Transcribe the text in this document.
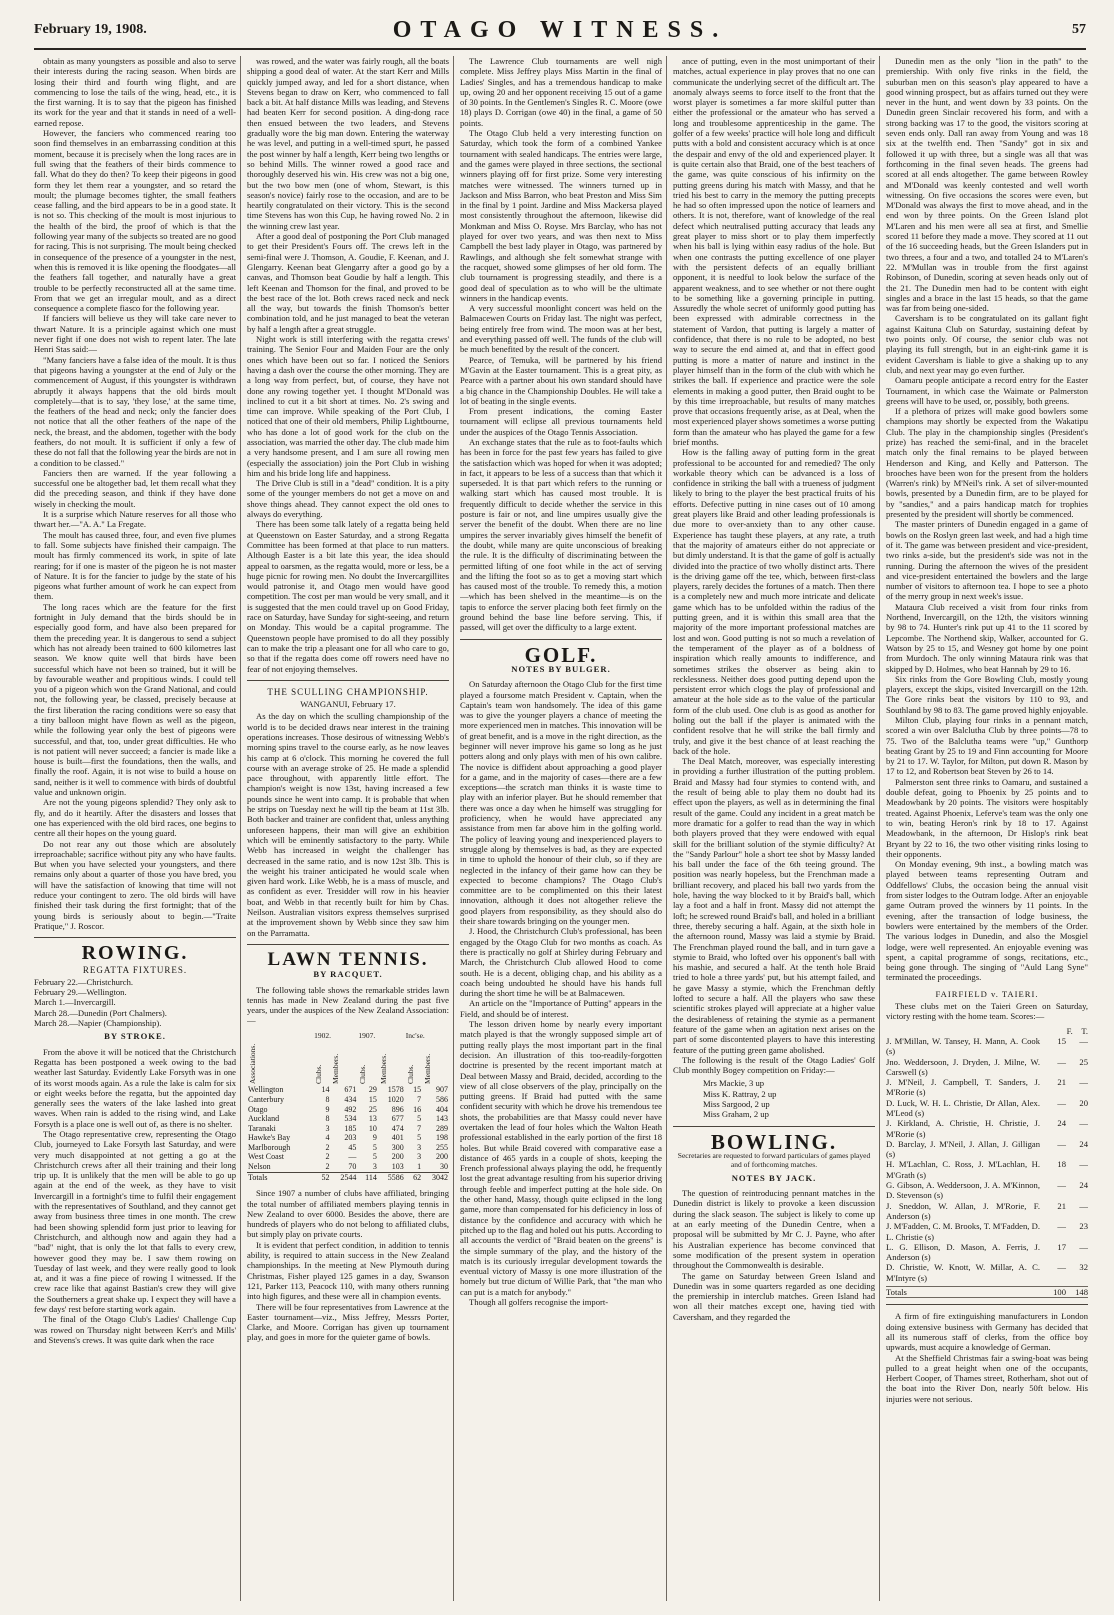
February 19, 1908.	OTAGO WITNESS.	57

obtain as many youngsters as possible and also to serve their interests during the racing season. When birds are losing their third and fourth wing flight, and are commencing to lose the tails of the wing, head, etc., it is the first warning. It is to say that the pigeon has finished its work for the year and that it stands in need of a well-earned repose.

However, the fanciers who commenced rearing too soon find themselves in an embarrassing condition at this moment, because it is precisely when the long races are in full swing that the feathers of their birds commence to fall. What do they do then? To keep their pigeons in good form they let them rear a youngster, and so retard the moult; the plumage becomes tighter, the small feathers cease falling, and the bird appears to be in a good state. It is not so. This checking of the moult is most injurious to the health of the bird, the proof of which is that the following year many of the subjects so treated are no good for racing. This is not surprising. The moult being checked in consequence of the presence of a youngster in the nest, when this is removed it is like opening the floodgates—all the feathers fall together, and naturally have a great trouble to be perfectly reconstructed all at the same time. From that we get an irregular moult, and as a direct consequence a complete fiasco for the following year.

If fanciers will believe us they will take care never to thwart Nature. It is a principle against which one must never fight if one does not wish to repent later. The late Henri Stas said:—

"Many fanciers have a false idea of the moult. It is thus that pigeons having a youngster at the end of July or the commencement of August, if this youngster is withdrawn abruptly it always happens that the old birds moult completely—that is to say, 'they lose,' at the same time, the feathers of the head and neck; only the fancier does not notice that all the other feathers of the nape of the neck, the breast, and the abdomen, together with the body feathers, do not moult. It is sufficient if only a few of these do not fall that the following year the birds are not in a condition to be classed."

Fanciers then are warned. If the year following a successful one be altogether bad, let them recall what they did the preceding season, and think if they have done wisely in checking the moult.

It is a surprise which Nature reserves for all those who thwart her.—"A. A." La Fregate.

The moult has caused three, four, and even five plumes to fall. Some subjects have finished their campaign. The moult has firmly commenced its work, in spite of late rearing; for if one is master of the pigeon he is not master of Nature. It is for the fancier to judge by the state of his pigeons what further amount of work he can expect from them.

The long races which are the feature for the first fortnight in July demand that the birds should be in especially good form, and have also been prepared for them the preceding year. It is dangerous to send a subject which has not already been trained to 600 kilometres last season. We know quite well that birds have been successful which have not been so trained, but it will be by favourable weather and propitious winds. I could tell you of a pigeon which won the Grand National, and could not, the following year, be classed, precisely because at the first liberation the racing conditions were so easy that a tiny balloon might have flown as well as the pigeon, while the following year only the best of pigeons were successful, and that, too, under great difficulties. He who is not patient will never succeed; a fancier is made like a house is built—first the foundations, then the walls, and finally the roof. Again, it is not wise to build a house on sand, neither is it well to commence with birds of doubtful value and unknown origin.

Are not the young pigeons splendid? They only ask to fly, and do it heartily. After the disasters and losses that one has experienced with the old bird races, one begins to centre all their hopes on the young guard.

Do not rear any out those which are absolutely irreproachable; sacrifice without pity any who have faults. But when you have selected your youngsters, and there remains only about a quarter of those you have bred, you will have the satisfaction of knowing that time will not reduce your contingent to zero. The old birds will have finished their task during the first fortnight; that of the young birds is seriously about to begin.—"Traite Pratique," J. Roscor.

ROWING.
REGATTA FIXTURES.
February 22.—Christchurch.
February 29.—Wellington.
March 1.—Invercargill.
March 28.—Dunedin (Port Chalmers).
March 28.—Napier (Championship).
BY STROKE.

From the above it will be noticed that the Christchurch Regatta has been postponed a week owing to the bad weather last Saturday. Evidently Lake Forsyth was in one of its worst moods again. As a rule the lake is calm for six or eight weeks before the regatta, but the appointed day generally sees the waters of the lake lashed into great waves. When rain is added to the rising wind, and Lake Forsyth is a place one is well out of, as there is no shelter.

The Otago representative crew, representing the Otago Club, journeyed to Lake Forsyth last Saturday, and were very much disappointed at not getting a go at the Christchurch crews after all their training and their long trip up. It is unlikely that the men will be able to go up again at the end of the week, as they have to visit Invercargill in a fortnight's time to fulfil their engagement with the representatives of Southland, and they cannot get away from business three times in one month. The crew had been showing splendid form just prior to leaving for Christchurch, and although now and again they had a "bad" night, that is only the lot that falls to every crew, however good they may be. I saw them rowing on Tuesday of last week, and they were really good to look at, and it was a fine piece of rowing I witnessed. If the crew race like that against Bastian's crew they will give the Southerners a great shake up. I expect they will have a few days' rest before starting work again.

The final of the Otago Club's Ladies' Challenge Cup was rowed on Thursday night between Kerr's and Mills' and Stevens's crews. It was quite dark when the race

was rowed, and the water was fairly rough, all the boats shipping a good deal of water. At the start Kerr and Mills quickly jumped away, and led for a short distance, when Stevens began to draw on Kerr, who commenced to fall back a bit. At half distance Mills was leading, and Stevens had beaten Kerr for second position. A ding-dong race then ensued between the two leaders, and Stevens gradually wore the big man down. Entering the waterway he was level, and putting in a well-timed spurt, he passed the post winner by half a length, Kerr being two lengths or so behind Mills. The winner rowed a good race and thoroughly deserved his win. His crew was not a big one, but the two bow men (one of whom, Stewart, is this season's novice) fairly rose to the occasion, and are to be heartily congratulated on their victory. This is the second time Stevens has won this Cup, he having rowed No. 2 in the winning crew last year.

After a good deal of postponing the Port Club managed to get their President's Fours off. The crews left in the semi-final were J. Thomson, A. Goudie, F. Keenan, and J. Glengarry. Keenan beat Glengarry after a good go by a canvas, and Thomson beat Goudie by half a length. This left Keenan and Thomson for the final, and proved to be the best race of the lot. Both crews raced neck and neck all the way, but towards the finish Thomson's better combination told, and he just managed to beat the veteran by half a length after a great struggle.

Night work is still interfering with the regatta crews' training. The Senior Four and Maiden Four are the only ones which have been out so far. I noticed the Seniors having a dash over the course the other morning. They are a long way from perfect, but, of course, they have not done any rowing together yet. I thought M'Donald was inclined to cut it a bit short at times. No. 2's swing and time can improve. While speaking of the Port Club, I noticed that one of their old members, Philip Lightbourne, who has done a lot of good work for the club on the association, was married the other day. The club made him a very handsome present, and I am sure all rowing men (especially the association) join the Port Club in wishing him and his bride long life and happiness.

The Drive Club is still in a "dead" condition. It is a pity some of the younger members do not get a move on and shove things ahead. They cannot expect the old ones to always do everything.

There has been some talk lately of a regatta being held at Queenstown on Easter Saturday, and a strong Regatta Committee has been formed at that place to run matters. Although Easter is a bit late this year, the idea should appeal to oarsmen, as the regatta would, more or less, be a huge picnic for rowing men. No doubt the Invercargillites would patronise it, and Otago men would have good competition. The cost per man would be very small, and it is suggested that the men could travel up on Good Friday, race on Saturday, have Sunday for sight-seeing, and return on Monday. This would be a capital programme. The Queenstown people have promised to do all they possibly can to make the trip a pleasant one for all who care to go, so that if the regatta does come off rowers need have no fear of not enjoying themselves.

THE SCULLING CHAMPIONSHIP.
WANGANUI, February 17.

As the day on which the sculling championship of the world is to be decided draws near interest in the training operations increases. Those desirous of witnessing Webb's morning spins travel to the course early, as he now leaves his camp at 6 o'clock. This morning he covered the full course with an average stroke of 25. He made a splendid pace throughout, with apparently little effort. The champion's weight is now 13st, having increased a few pounds since he went into camp. It is probable that when he strips on Tuesday next he will tip the beam at 11st 3lb. Both backer and trainer are confident that, unless anything unforeseen happens, their man will give an exhibition which will be eminently satisfactory to the party. While Webb has increased in weight the challenger has decreased in the same ratio, and is now 12st 3lb. This is the weight his trainer anticipated he would scale when given hard work. Like Webb, he is a mass of muscle, and as confident as ever. Tresidder will row in his heavier boat, and Webb in that recently built for him by Chas. Neilson. Australian visitors express themselves surprised at the improvement shown by Webb since they saw him on the Parramatta.

LAWN TENNIS.
BY RACQUET.

The following table shows the remarkable strides lawn tennis has made in New Zealand during the past five years, under the auspices of the New Zealand Association:—

	1902.		1907.		Inc'se.	

Associations.	Clubs.	Members.	Clubs.	Members.	Clubs.	Members.

Wellington	14	671	29	1578	15	907
Canterbury	8	434	15	1020	7	586
Otago	9	492	25	896	16	404
Auckland	8	534	13	677	5	143
Taranaki	3	185	10	474	7	289
Hawke's Bay	4	203	9	401	5	198
Marlborough	2	45	5	300	3	255
West Coast	2	—	5	200	3	200
Nelson	2	70	3	103	1	30
Totals	52	2544	114	5586	62	3042

Since 1907 a number of clubs have affiliated, bringing the total number of affiliated members playing tennis in New Zealand to over 6000. Besides the above, there are hundreds of players who do not belong to affiliated clubs, but simply play on private courts.

It is evident that perfect condition, in addition to tennis ability, is required to attain success in the New Zealand championships. In the meeting at New Plymouth during Christmas, Fisher played 125 games in a day, Swanson 121, Parker 113, Peacock 110, with many others running into high figures, and these were all in champion events.

There will be four representatives from Lawrence at the Easter tournament—viz., Miss Jeffrey, Messrs Porter, Clarke, and Moore. Corrigan has given up tournament play, and goes in more for the quieter game of bowls.

The Lawrence Club tournaments are well nigh complete. Miss Jeffrey plays Miss Martin in the final of Ladies' Singles, and has a tremendous handicap to make up, owing 20 and her opponent receiving 15 out of a game of 30 points. In the Gentlemen's Singles R. C. Moore (owe 18) plays D. Corrigan (owe 40) in the final, a game of 50 points.

The Otago Club held a very interesting function on Saturday, which took the form of a combined Yankee tournament with sealed handicaps. The entries were large, and the games were played in three sections, the sectional winners playing off for first prize. Some very interesting matches were witnessed. The winners turned up in Jackson and Miss Barron, who beat Preston and Miss Sim in the final by 1 point. Jardine and Miss Mackersa played most consistently throughout the afternoon, likewise did Monkman and Miss O. Royse. Mrs Barclay, who has not played for over two years, and was then next to Miss Campbell the best lady player in Otago, was partnered by Rawlings, and although she felt somewhat strange with the racquet, showed some glimpses of her old form. The club tournament is progressing steadily, and there is a good deal of speculation as to who will be the ultimate winners in the handicap events.

A very successful moonlight concert was held on the Balmacewen Courts on Friday last. The night was perfect, being entirely free from wind. The moon was at her best, and everything passed off well. The funds of the club will be much benefited by the result of the concert.

Pearce, of Temuka, will be partnered by his friend M'Gavin at the Easter tournament. This is a great pity, as Pearce with a partner about his own standard should have a big chance in the Championship Doubles. He will take a lot of beating in the single events.

From present indications, the coming Easter tournament will eclipse all previous tournaments held under the auspices of the Otago Tennis Association.

An exchange states that the rule as to foot-faults which has been in force for the past few years has failed to give the satisfaction which was hoped for when it was adopted; in fact, it appears to be less of a success than that which it superseded. It is that part which refers to the running or walking start which has caused most trouble. It is frequently difficult to decide whether the service in this posture is fair or not, and line umpires usually give the server the benefit of the doubt. When there are no line umpires the server invariably gives himself the benefit of the doubt, while many are quite unconscious of breaking the rule. It is the difficulty of discriminating between the permitted lifting of one foot while in the act of serving and the lifting the foot so as to get a moving start which has caused most of the trouble. To remedy this, a motion—which has been shelved in the meantime—is on the tapis to enforce the server placing both feet firmly on the ground behind the base line before serving. This, if passed, will get over the difficulty to a large extent.

GOLF.
NOTES BY BULGER.

On Saturday afternoon the Otago Club for the first time played a foursome match President v. Captain, when the Captain's team won handsomely. The idea of this game was to give the younger players a chance of meeting the more experienced men in matches. This innovation will be of great benefit, and is a move in the right direction, as the beginner will never improve his game so long as he just potters along and only plays with men of his own calibre. The novice is diffident about approaching a good player for a game, and in the majority of cases—there are a few exceptions—the scratch man thinks it is waste time to play with an inferior player. But he should remember that there was once a day when he himself was struggling for proficiency, when he would have appreciated any assistance from men far above him in the golfing world. The policy of leaving young and inexperienced players to struggle along by themselves is bad, as they are expected in time to uphold the honour of their club, so if they are neglected in the infancy of their game how can they be expected to become champions? The Otago Club's committee are to be complimented on this their latest innovation, although it does not altogether relieve the good players from responsibility, as they should also do their share towards bringing on the younger men.

J. Hood, the Christchurch Club's professional, has been engaged by the Otago Club for two months as coach. As there is practically no golf at Shirley during February and March, the Christchurch Club allowed Hood to come south. He is a decent, obliging chap, and his ability as a coach being undoubted he should have his hands full during the short time he will be at Balmacewen.

An article on the "Importance of Putting" appears in the Field, and should be of interest.

The lesson driven home by nearly every important match played is that the wrongly supposed simple art of putting really plays the most important part in the final decision. An illustration of this too-readily-forgotten doctrine is presented by the recent important match at Deal between Massy and Braid, decided, according to the view of all close observers of the play, principally on the putting greens. If Braid had putted with the same confident security with which he drove his tremendous tee shots, the probabilities are that Massy could never have overtaken the lead of four holes which the Walton Heath professional established in the early portion of the first 18 holes. But while Braid covered with comparative ease a distance of 465 yards in a couple of shots, keeping the French professional always playing the odd, he frequently lost the great advantage resulting from his superior driving through feeble and imperfect putting at the hole side. On the other hand, Massy, though quite eclipsed in the long game, more than compensated for his deficiency in loss of distance by the confidence and accuracy with which he pitched up to the flag and holed out his putts. According to all accounts the verdict of "Braid beaten on the greens" is the simple summary of the play, and the history of the match is its curiously irregular development towards the eventual victory of Massy is one more illustration of the homely but true dictum of Willie Park, that "the man who can put is a match for anybody."

Though all golfers recognise the import-

ance of putting, even in the most unimportant of their matches, actual experience in play proves that no one can communicate the underlying secret of the difficult art. The anomaly always seems to force itself to the front that the worst player is sometimes a far more skilful putter than either the professional or the amateur who has served a long and troublesome apprenticeship in the game. The golfer of a few weeks' practice will hole long and difficult putts with a bold and consistent accuracy which is at once the despair and envy of the old and experienced player. It is quite certain also that Braid, one of the best teachers of the game, was quite conscious of his infirmity on the putting greens during his match with Massy, and that he tried his best to carry in the memory the putting precepts he had so often impressed upon the notice of learners and others. It is not, therefore, want of knowledge of the real defect which neutralised putting accuracy that leads any great player to miss short or to play them imperfectly when his ball is lying within easy radius of the hole. But when one contrasts the putting excellence of one player with the persistent defects of an equally brilliant opponent, it is needful to look below the surface of the apparent weakness, and to see whether or not there ought to be something like a governing principle in putting. Assuredly the whole secret of uniformly good putting has been expressed with admirable correctness in the statement of Vardon, that putting is largely a matter of confidence, that there is no rule to be adopted, no best way to secure the end aimed at, and that in effect good putting is more a matter of nature and instinct in the player himself than in the form of the club with which he strikes the ball. If experience and practice were the sole elements in making a good putter, then Braid ought to be by this time irreproachable, but results of many matches prove that occasions frequently arise, as at Deal, when the most experienced player shows sometimes a worse putting form than the amateur who has played the game for a few brief months.

How is the falling away of putting form in the great professional to be accounted for and remedied? The only workable theory which can be advanced is a loss of confidence in striking the ball with a trueness of judgment likely to bring to the player the best practical fruits of his efforts. Defective putting in nine cases out of 10 among great players like Braid and other leading professionals is due more to over-anxiety than to any other cause. Experience has taught these players, at any rate, a truth that the majority of amateurs either do not appreciate or but dimly understand. It is that the game of golf is actually divided into the practice of two wholly distinct arts. There is the driving game off the tee, which, between first-class players, rarely decides the fortunes of a match. Then there is a completely new and much more intricate and delicate game which has to be unfolded within the radius of the putting green, and it is within this small area that the majority of the more important professional matches are lost and won. Good putting is not so much a revelation of the temperament of the player as of a boldness of inspiration which really amounts to indifference, and sometimes strikes the observer as being akin to recklessness. Neither does good putting depend upon the persistent error which clogs the play of professional and amateur at the hole side as to the value of the particular form of the club used. One club is as good as another for holing out the ball if the player is animated with the confident resolve that he will strike the ball firmly and truly, and give it the best chance of at least reaching the back of the hole.

The Deal Match, moreover, was especially interesting in providing a further illustration of the putting problem. Braid and Massy had four stymies to contend with, and the result of being able to play them no doubt had its effect upon the players, as well as in determining the final result of the game. Could any incident in a great match be more dramatic for a golfer to read than the way in which both players proved that they were endowed with equal skill for the brilliant solution of the stymie difficulty? At the "Sandy Parlour" hole a short tee shot by Massy landed his ball under the face of the 6th teeing ground. The position was nearly hopeless, but the Frenchman made a brilliant recovery, and placed his ball two yards from the hole, having the way blocked to it by Braid's ball, which lay a foot and a half in front. Massy did not attempt the loft; he screwed round Braid's ball, and holed in a brilliant three, thereby securing a half. Again, at the sixth hole in the afternoon round, Massy was laid a stymie by Braid. The Frenchman played round the ball, and in turn gave a stymie to Braid, who lofted over his opponent's ball with his mashie, and secured a half. At the tenth hole Braid tried to hole a three yards' put, but his attempt failed, and he gave Massy a stymie, which the Frenchman deftly lofted to secure a half. All the players who saw these scientific strokes played will appreciate at a higher value the desirableness of retaining the stymie as a permanent feature of the game when an agitation next arises on the part of some discontented players to have this interesting feature of the putting green game abolished.

The following is the result of the Otago Ladies' Golf Club monthly Bogey competition on Friday:—

Mrs Mackie, 3 up
Miss K. Rattray, 2 up
Miss Sargood, 2 up
Miss Graham, 2 up
BOWLING.
Secretaries are requested to forward particulars of games played and of forthcoming matches.
NOTES BY JACK.

The question of reintroducing pennant matches in the Dunedin district is likely to provoke a keen discussion during the slack season. The subject is likely to come up at an early meeting of the Dunedin Centre, when a proposal will be submitted by Mr C. J. Payne, who after his Australian experience has become convinced that some modification of the present system in operation throughout the Commonwealth is desirable.

The game on Saturday between Green Island and Dunedin was in some quarters regarded as one deciding the premiership in interclub matches. Green Island had won all their matches except one, having tied with Caversham, and they regarded the

Dunedin men as the only "lion in the path" to the premiership. With only five rinks in the field, the suburban men on this season's play appeared to have a good winning prospect, but as affairs turned out they were never in the hunt, and went down by 33 points. On the Dunedin green Sinclair recovered his form, and with a strong backing was 17 to the good, the visitors scoring at seven ends only. Dall ran away from Young and was 18 six at the twelfth end. Then "Sandy" got in six and followed it up with three, but a single was all that was forthcoming in the final seven heads. The greens had scored at all ends altogether. The game between Rowley and M'Donald was keenly contested and well worth witnessing. On five occasions the scores were even, but M'Donald was always the first to move ahead, and in the end won by three points. On the Green Island plot M'Laren and his men were all sea at first, and Smellie scored 11 before they made a move. They scored at 11 out of the 16 succeeding heads, but the Green Islanders put in two threes, a four and a two, and totalled 24 to M'Laren's 22. M'Mullan was in trouble from the first against Robinson, of Dunedin, scoring at seven heads only out of the 21. The Dunedin men had to be content with eight singles and a brace in the last 15 heads, so that the game was far from being one-sided.

Caversham is to be congratulated on its gallant fight against Kaituna Club on Saturday, sustaining defeat by two points only. Of course, the senior club was not playing its full strength, but in an eight-rink game it is evident Caversham is liable to give a shaking up to any club, and next year may go even further.

Oamaru people anticipate a record entry for the Easter Tournament, in which case the Waimate or Palmerston greens will have to be used, or, possibly, both greens.

If a plethora of prizes will make good bowlers some champions may shortly be expected from the Wakatipu Club. The play in the championship singles (President's prize) has reached the semi-final, and in the bracelet match only the final remains to be played between Henderson and King, and Kelly and Patterson. The brooches have been won for the present from the holders (Warren's rink) by M'Neil's rink. A set of silver-mounted bowls, presented by a Dunedin firm, are to be played for by "sandies," and a pairs handicap match for trophies presented by the president will shortly be commenced.

The master printers of Dunedin engaged in a game of bowls on the Roslyn green last week, and had a high time of it. The game was between president and vice-president, two rinks a-side, but the president's side was not in the running. During the afternoon the wives of the president and vice-president entertained the bowlers and the large number of visitors to afternoon tea. I hope to see a photo of the merry group in next week's issue.

Mataura Club received a visit from four rinks from Northend, Invercargill, on the 12th, the visitors winning by 98 to 74. Hunter's rink put up 41 to the 11 scored by Lepcombe. The Northend skip, Walker, accounted for G. Watson by 25 to 15, and Wesney got home by one point from Murdoch. The only winning Mataura rink was that skipped by D. Holmes, who beat Hannah by 29 to 16.

Six rinks from the Gore Bowling Club, mostly young players, except the skips, visited Invercargill on the 12th. The Gore rinks beat the visitors by 110 to 93, and Southland by 98 to 83. The game proved highly enjoyable.

Milton Club, playing four rinks in a pennant match, scored a win over Balclutha Club by three points—78 to 75. Two of the Balclutha teams were "up," Gunthorp beating Grant by 25 to 19 and Finn accounting for Moore by 21 to 17. W. Taylor, for Milton, put down R. Mason by 17 to 12, and Robertson beat Steven by 26 to 14.

Palmerston sent three rinks to Oamaru, and sustained a double defeat, going to Phoenix by 25 points and to Meadowbank by 20 points. The visitors were hospitably treated. Against Phoenix, Leferve's team was the only one to win, beating Heron's rink by 18 to 17. Against Meadowbank, in the afternoon, Dr Hislop's rink beat Bryant by 22 to 16, the two other visiting rinks losing to their opponents.

On Monday evening, 9th inst., a bowling match was played between teams representing Outram and Oddfellows' Clubs, the occasion being the annual visit from sister lodges to the Outram lodge. After an enjoyable game Outram proved the winners by 11 points. In the evening, after the transaction of lodge business, the bowlers were entertained by the members of the Order. The various lodges in Dunedin, and also the Mosgiel lodge, were well represented. An enjoyable evening was spent, a capital programme of songs, recitations, etc., being gone through. The singing of "Auld Lang Syne" terminated the proceedings.

FAIRFIELD v. TAIERI.

These clubs met on the Taieri Green on Saturday, victory resting with the home team. Scores:—

F. T.
J. M'Millan, W. Tansey, H. Mann, A. Cook (s)
15	—
Jno. Weddersoon, J. Dryden, J. Milne, W. Carswell (s)
—	25
J. M'Neil, J. Campbell, T. Sanders, J. M'Rorie (s)
21	—
D. Luck, W. H. L. Christie, Dr Allan, Alex. M'Leod (s)
—	20
J. Kirkland, A. Christie, H. Christie, J. M'Rorie (s)
24	—
D. Barclay, J. M'Neil, J. Allan, J. Gilligan (s)
—	24
H. M'Lachlan, C. Ross, J. M'Lachlan, H. M'Grath (s)
18	—
G. Gibson, A. Weddersoon, J. A. M'Kinnon, D. Stevenson (s)
—	24
J. Sneddon, W. Allan, J. M'Rorie, F. Anderson (s)
21	—
J. M'Fadden, C. M. Brooks, T. M'Fadden, D. L. Christie (s)
—	23
L. G. Ellison, D. Mason, A. Ferris, J. Anderson (s)
17	—
D. Christie, W. Knott, W. Millar, A. C. M'Intyre (s)
—	32
Totals	100	148

A firm of fire extinguishing manufacturers in London doing extensive business with Germany has decided that all its numerous staff of clerks, from the office boy upwards, must acquire a knowledge of German.

At the Sheffield Christmas fair a swing-boat was being pulled to a great height when one of the occupants, Herbert Cooper, of Thames street, Rotherham, shot out of the boat into the River Don, nearly 50ft below. His injuries were not serious.
